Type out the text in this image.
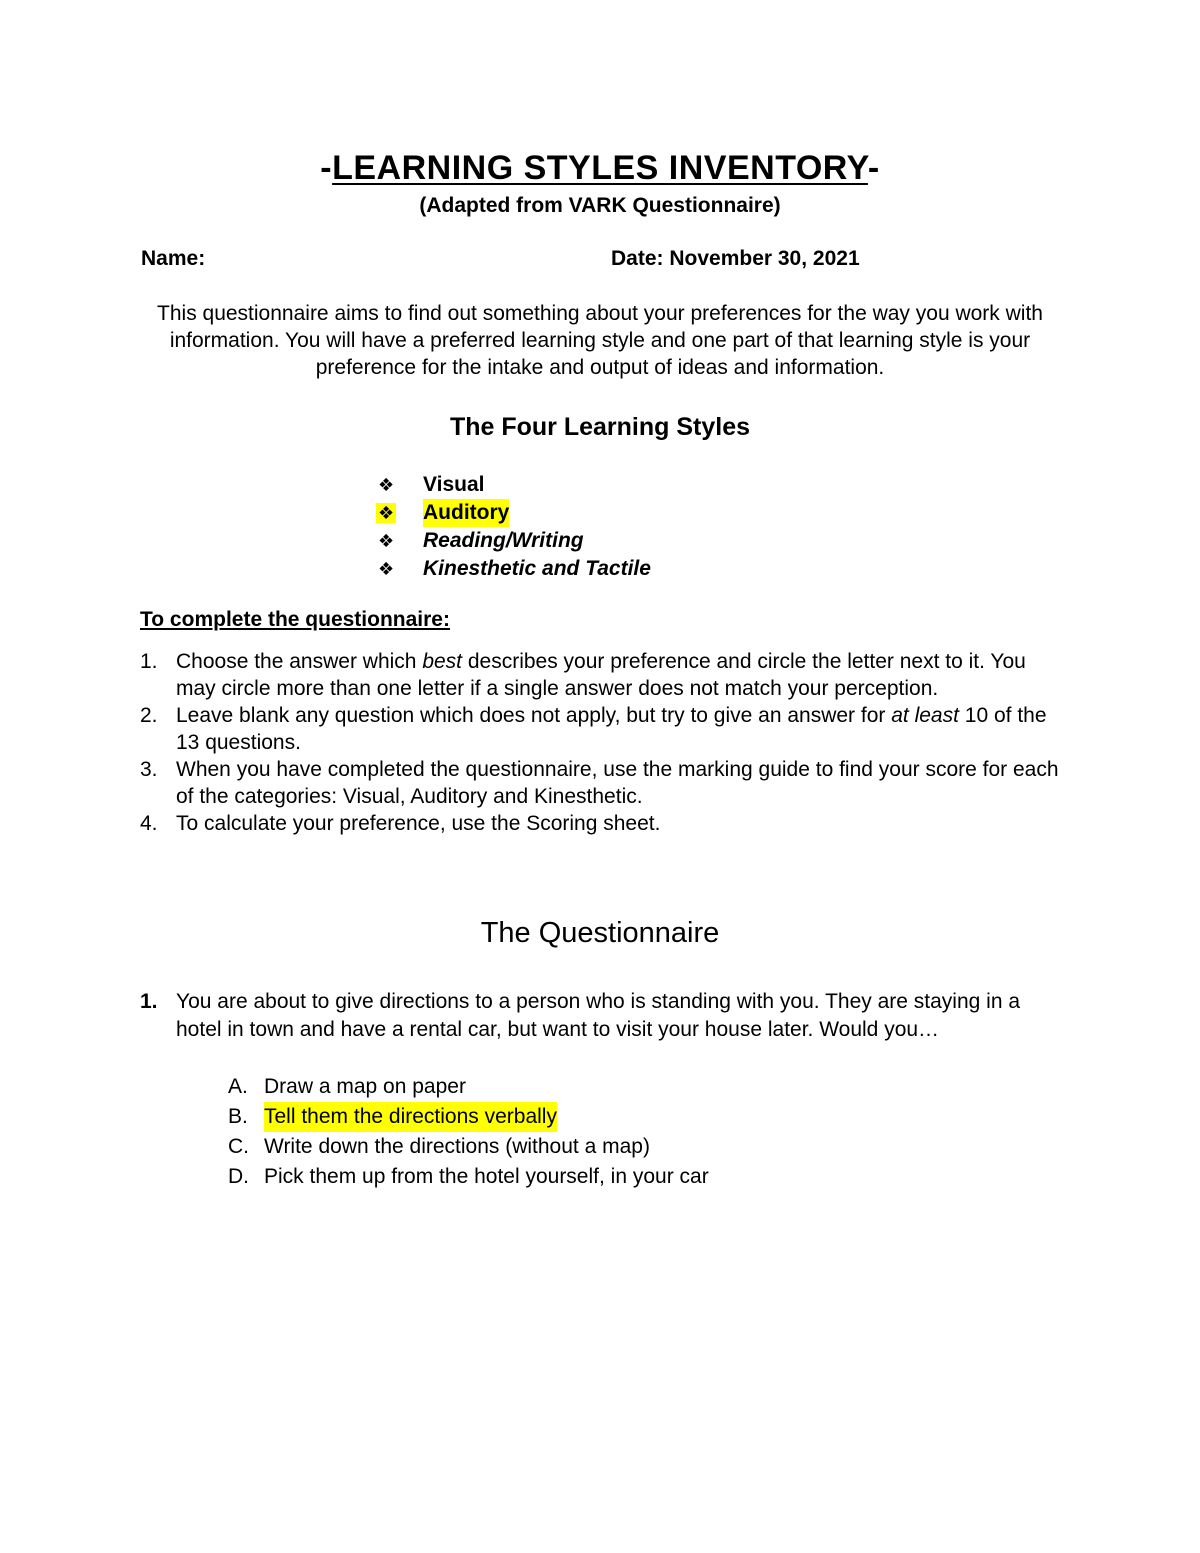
-LEARNING STYLES INVENTORY-
(Adapted from VARK Questionnaire)
Name:	Date: November 30, 2021
This questionnaire aims to find out something about your preferences for the way you work with information. You will have a preferred learning style and one part of that learning style is your preference for the intake and output of ideas and information.
The Four Learning Styles
❖ Visual
❖ Auditory
❖ Reading/Writing
❖ Kinesthetic and Tactile
To complete the questionnaire:
1. Choose the answer which best describes your preference and circle the letter next to it. You may circle more than one letter if a single answer does not match your perception.
2. Leave blank any question which does not apply, but try to give an answer for at least 10 of the 13 questions.
3. When you have completed the questionnaire, use the marking guide to find your score for each of the categories: Visual, Auditory and Kinesthetic.
4. To calculate your preference, use the Scoring sheet.
The Questionnaire
1. You are about to give directions to a person who is standing with you. They are staying in a hotel in town and have a rental car, but want to visit your house later. Would you…
A. Draw a map on paper
B. Tell them the directions verbally
C. Write down the directions (without a map)
D. Pick them up from the hotel yourself, in your car
